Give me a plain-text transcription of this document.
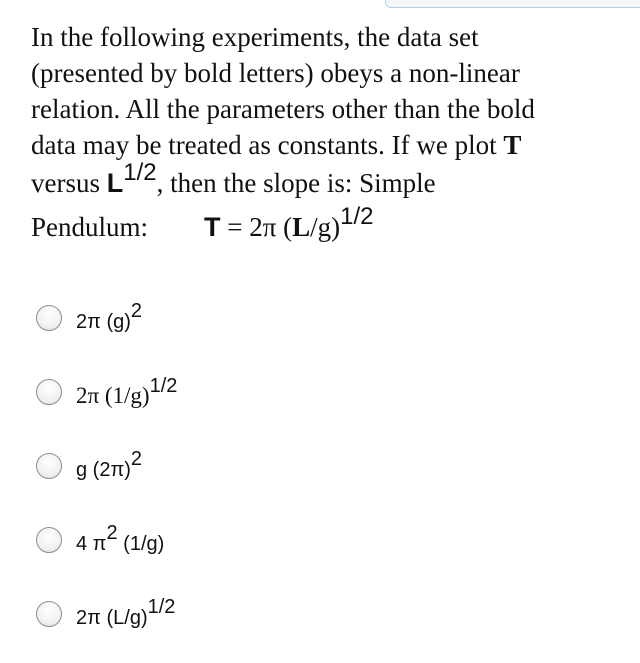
In the following experiments, the data set
(presented by bold letters) obeys a non-linear
relation. All the parameters other than the bold
data may be treated as constants. If we plot T
versus L1/2, then the slope is: Simple
Pendulum: T = 2π (L/g)1/2
2π (g)2
2π (1/g)1/2
g (2π)2
4 π2 (1/g)
2π (L/g)1/2
